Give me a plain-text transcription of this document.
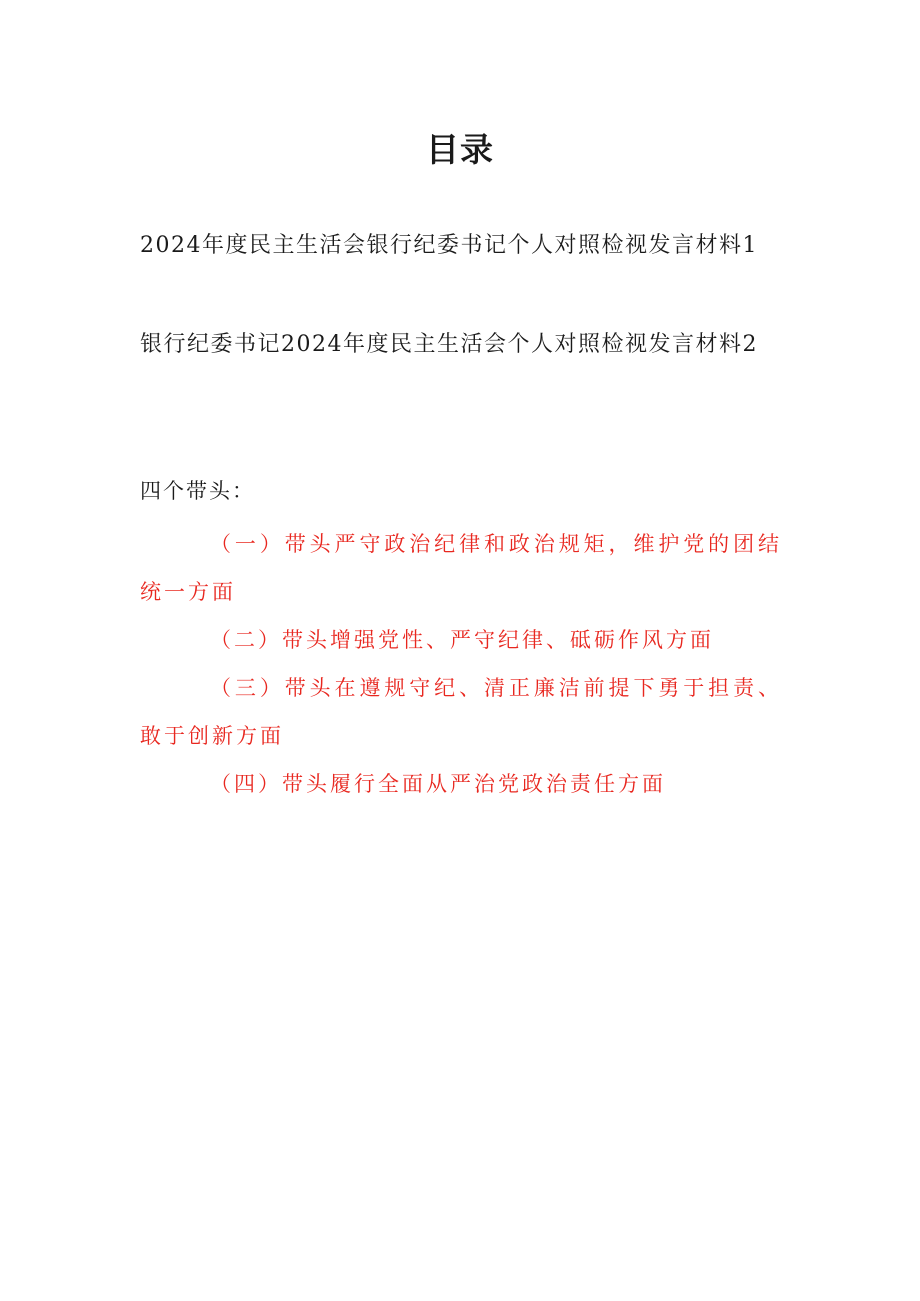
目录
2024年度民主生活会银行纪委书记个人对照检视发言材料1
银行纪委书记2024年度民主生活会个人对照检视发言材料2
四个带头：

（一）带头严守政治纪律和政治规矩，维护党的团结统一方面

（二）带头增强党性、严守纪律、砥砺作风方面

（三）带头在遵规守纪、清正廉洁前提下勇于担责、敢于创新方面

（四）带头履行全面从严治党政治责任方面
